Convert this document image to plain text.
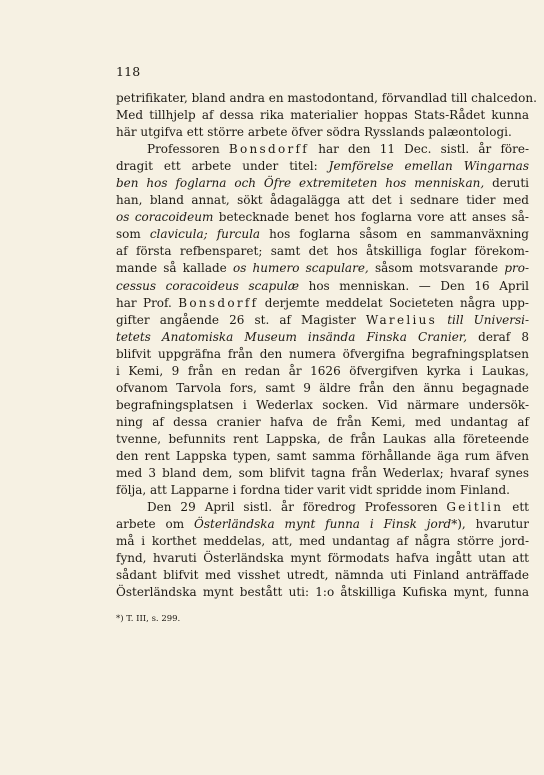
118
petrifikater, bland andra en mastodontand, förvandlad till chalcedon.
Med tillhjelp af dessa rika materialier hoppas Stats-Rådet kunna
här utgifva ett större arbete öfver södra Rysslands palæontologi.
Professoren Bonsdorff har den 11 Dec. sistl. år före-
dragit ett arbete under titel: Jemförelse emellan Wingarnas
ben hos foglarna och Öfre extremiteten hos menniskan, deruti
han, bland annat, sökt ådagalägga att det i sednare tider med
os coracoideum betecknade benet hos foglarna vore att anses så-
som clavicula; furcula hos foglarna såsom en sammanväxning
af första refbensparet; samt det hos åtskilliga foglar förekom-
mande så kallade os humero scapulare, såsom motsvarande pro-
cessus coracoideus scapulæ hos menniskan. — Den 16 April
har Prof. Bonsdorff derjemte meddelat Societeten några upp-
gifter angående 26 st. af Magister Warelius till Universi-
tetets Anatomiska Museum insända Finska Cranier, deraf 8
blifvit uppgräfna från den numera öfvergifna begrafningsplatsen
i Kemi, 9 från en redan år 1626 öfvergifven kyrka i Laukas,
ofvanom Tarvola fors, samt 9 äldre från den ännu begagnade
begrafningsplatsen i Wederlax socken. Vid närmare undersök-
ning af dessa cranier hafva de från Kemi, med undantag af
tvenne, befunnits rent Lappska, de från Laukas alla företeende
den rent Lappska typen, samt samma förhållande äga rum äfven
med 3 bland dem, som blifvit tagna från Wederlax; hvaraf synes
följa, att Lapparne i fordna tider varit vidt spridde inom Finland.
Den 29 April sistl. år föredrog Professoren Geitlin ett
arbete om Österländska mynt funna i Finsk jord*), hvarutur
må i korthet meddelas, att, med undantag af några större jord-
fynd, hvaruti Österländska mynt förmodats hafva ingått utan att
sådant blifvit med visshet utredt, nämnda uti Finland anträffade
Österländska mynt bestått uti: 1:o åtskilliga Kufiska mynt, funna
*) T. III, s. 299.
